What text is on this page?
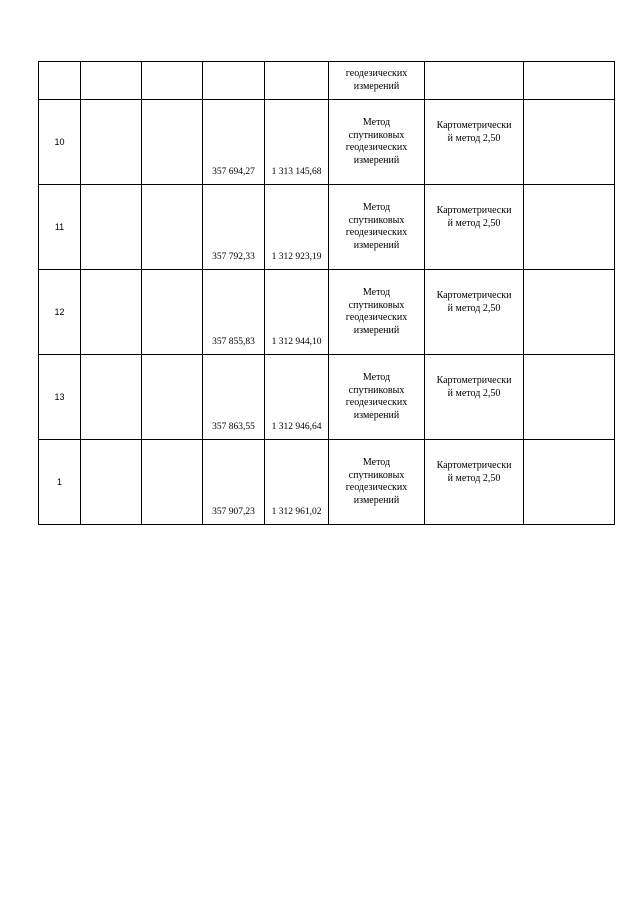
					геодезических измерений		
10			357 694,27	1 313 145,68	Метод
спутниковых
геодезических
измерений	Картометрически
й метод 2,50	

11			357 792,33	1 312 923,19	Метод
спутниковых
геодезических
измерений	Картометрически
й метод 2,50	

12			357 855,83	1 312 944,10	Метод
спутниковых
геодезических
измерений	Картометрически
й метод 2,50	

13			357 863,55	1 312 946,64	Метод
спутниковых
геодезических
измерений	Картометрически
й метод 2,50	

1			357 907,23	1 312 961,02	Метод
спутниковых
геодезических
измерений	Картометрически
й метод 2,50	
